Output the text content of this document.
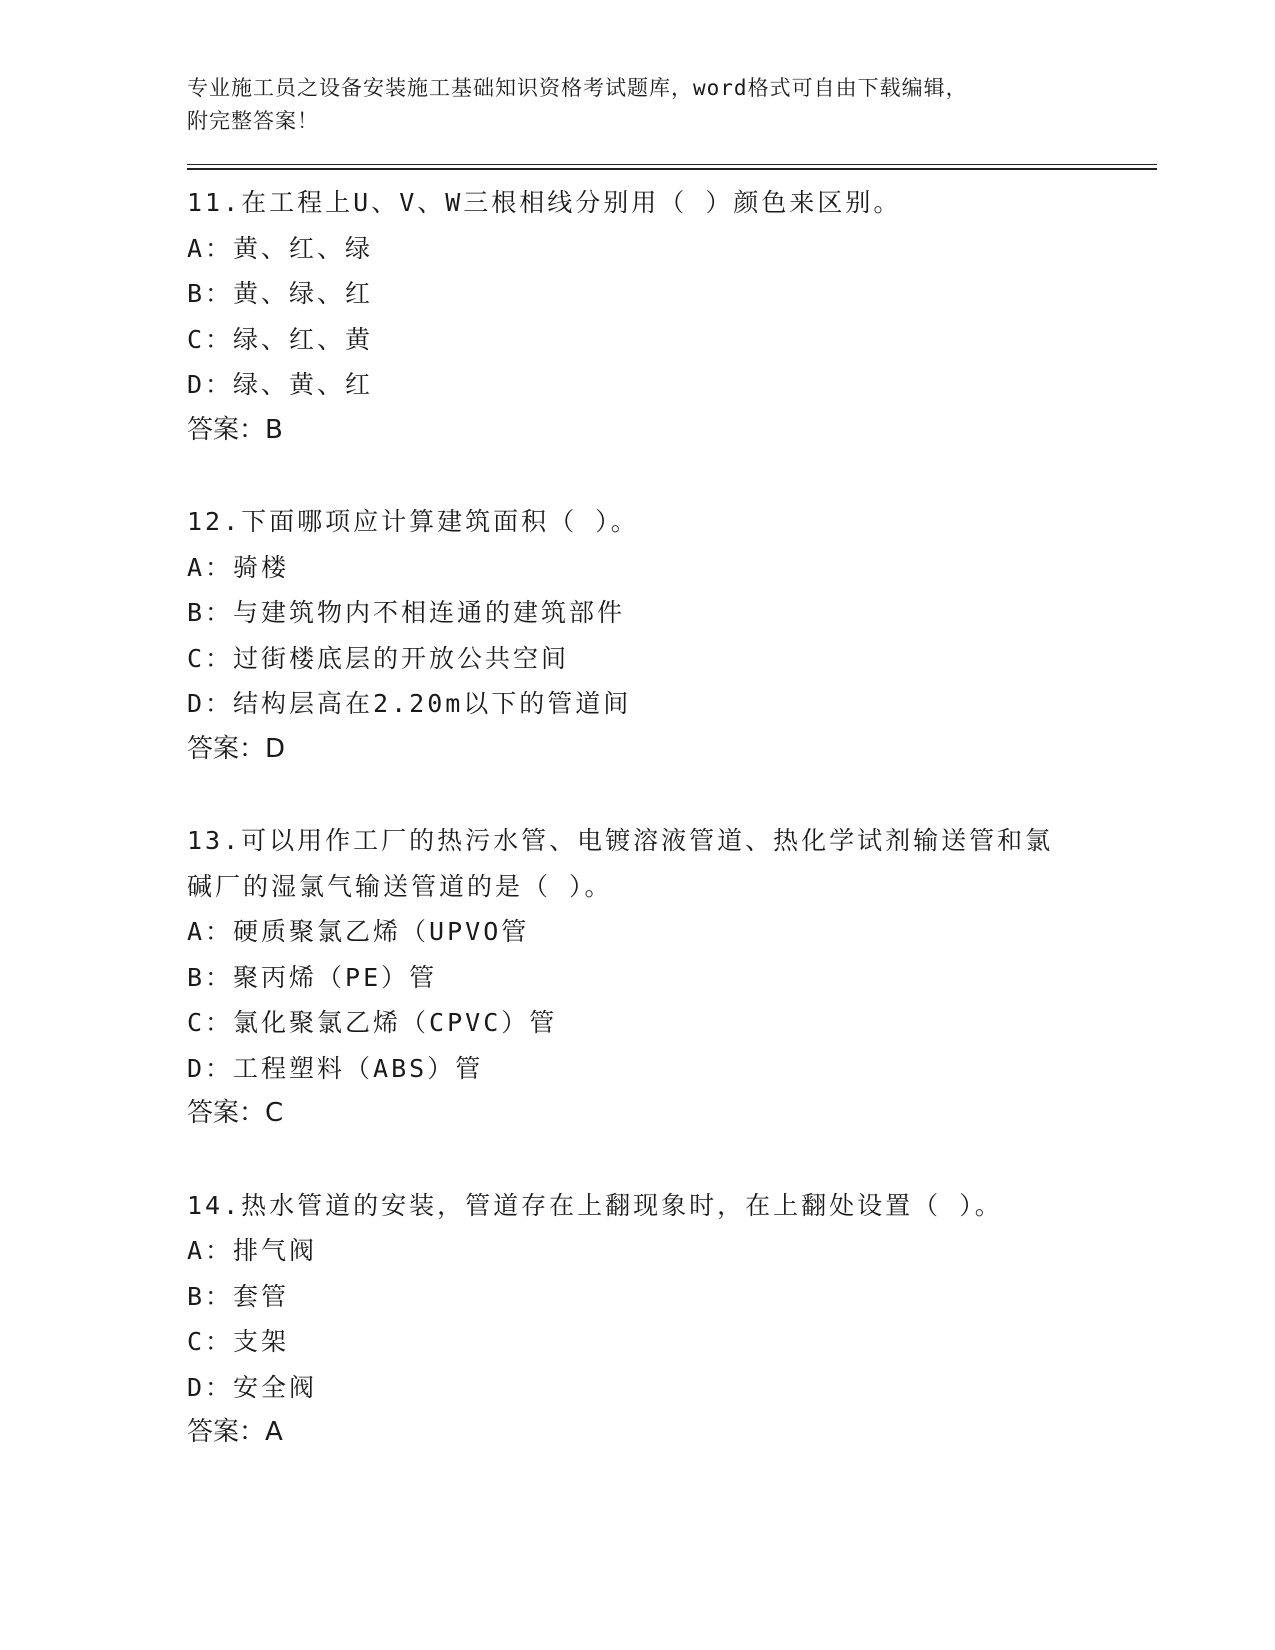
专业施工员之设备安装施工基础知识资格考试题库，word格式可自由下载编辑，
附完整答案！
11.在工程上U、V、W三根相线分别用（ ）颜色来区别。
A：黄、红、绿
B：黄、绿、红
C：绿、红、黄
D：绿、黄、红
答案：B
12.下面哪项应计算建筑面积（ ）。
A：骑楼
B：与建筑物内不相连通的建筑部件
C：过街楼底层的开放公共空间
D：结构层高在2.20m以下的管道间
答案：D
13.可以用作工厂的热污水管、电镀溶液管道、热化学试剂输送管和氯
碱厂的湿氯气输送管道的是（ ）。
A：硬质聚氯乙烯（UPVO管
B：聚丙烯（PE）管
C：氯化聚氯乙烯（CPVC）管
D：工程塑料（ABS）管
答案：C
14.热水管道的安装，管道存在上翻现象时，在上翻处设置（ ）。
A：排气阀
B：套管
C：支架
D：安全阀
答案：A
